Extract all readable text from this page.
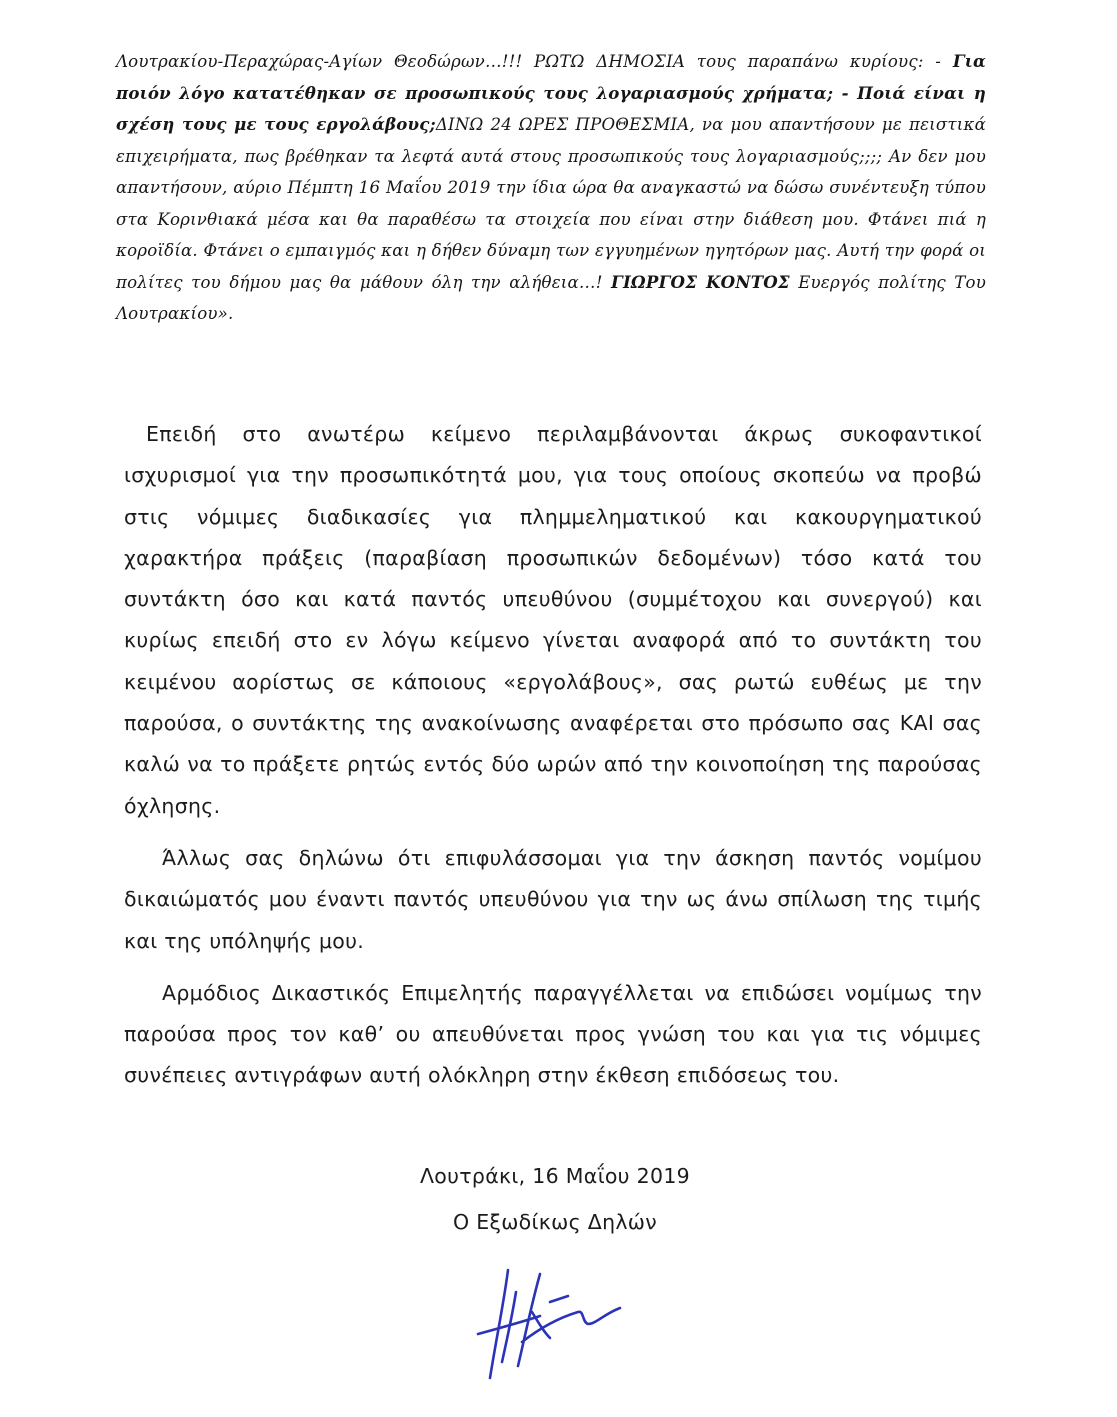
Λουτρακίου-Περαχώρας-Αγίων Θεοδώρων…!!! ΡΩΤΩ ΔΗΜΟΣΙΑ τους παραπάνω κυρίους: - Για ποιόν λόγο κατατέθηκαν σε προσωπικούς τους λογαριασμούς χρήματα; - Ποιά είναι η σχέση τους με τους εργολάβους;ΔΙΝΩ 24 ΩΡΕΣ ΠΡΟΘΕΣΜΙΑ, να μου απαντήσουν με πειστικά επιχειρήματα, πως βρέθηκαν τα λεφτά αυτά στους προσωπικούς τους λογαριασμούς;;;; Αν δεν μου απαντήσουν, αύριο Πέμπτη 16 Μαΐου 2019 την ίδια ώρα θα αναγκαστώ να δώσω συνέντευξη τύπου στα Κορινθιακά μέσα και θα παραθέσω τα στοιχεία που είναι στην διάθεση μου. Φτάνει πιά η κοροϊδία. Φτάνει ο εμπαιγμός και η δήθεν δύναμη των εγγυημένων ηγητόρων μας. Αυτή την φορά οι πολίτες του δήμου μας θα μάθουν όλη την αλήθεια…! ΓΙΩΡΓΟΣ ΚΟΝΤΟΣ Ευεργός πολίτης Του Λουτρακίου».

Επειδή στο ανωτέρω κείμενο περιλαμβάνονται άκρως συκοφαντικοί ισχυρισμοί για την προσωπικότητά μου, για τους οποίους σκοπεύω να προβώ στις νόμιμες διαδικασίες για πλημμεληματικού και κακουργηματικού χαρακτήρα πράξεις (παραβίαση προσωπικών δεδομένων) τόσο κατά του συντάκτη όσο και κατά παντός υπευθύνου (συμμέτοχου και συνεργού) και κυρίως επειδή στο εν λόγω κείμενο γίνεται αναφορά από το συντάκτη του κειμένου αορίστως σε κάποιους «εργολάβους», σας ρωτώ ευθέως με την παρούσα, ο συντάκτης της ανακοίνωσης αναφέρεται στο πρόσωπο σας ΚΑΙ σας καλώ να το πράξετε ρητώς εντός δύο ωρών από την κοινοποίηση της παρούσας όχλησης.

Άλλως σας δηλώνω ότι επιφυλάσσομαι για την άσκηση παντός νομίμου δικαιώματός μου έναντι παντός υπευθύνου για την ως άνω σπίλωση της τιμής και της υπόληψής μου.

Αρμόδιος Δικαστικός Επιμελητής παραγγέλλεται να επιδώσει νομίμως την παρούσα προς τον καθ’ ου απευθύνεται προς γνώση του και για τις νόμιμες συνέπειες αντιγράφων αυτή ολόκληρη στην έκθεση επιδόσεως του.

Λουτράκι, 16 Μαΐου 2019
Ο Εξωδίκως Δηλών
